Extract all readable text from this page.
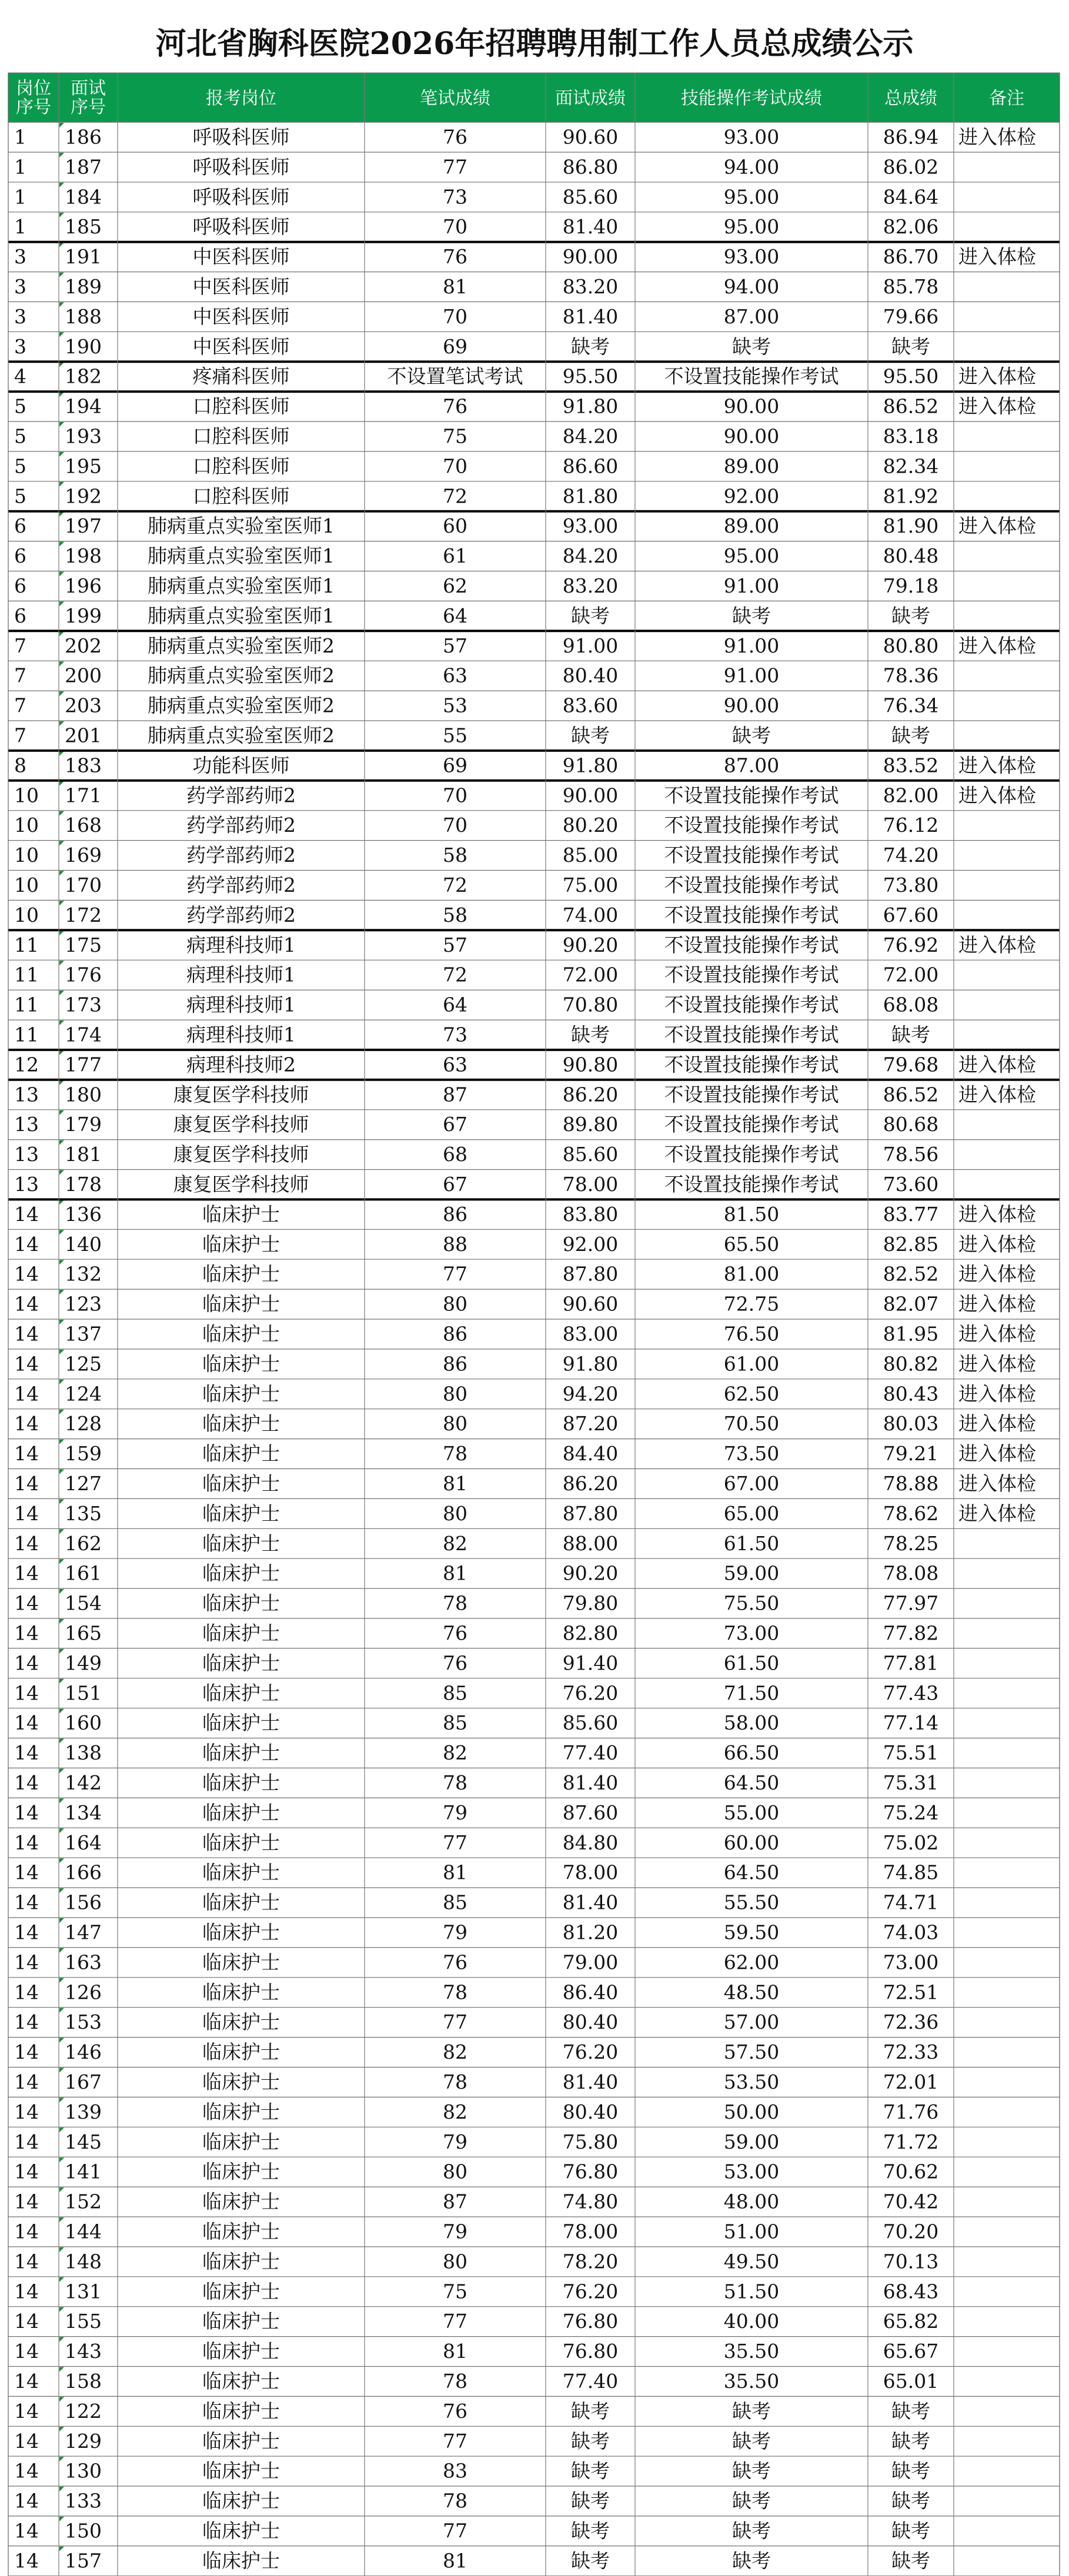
河北省胸科医院2026年招聘聘用制工作人员总成绩公示
岗位序号
面试序号	报考岗位	笔试成绩	面试成绩	技能操作考试成绩	总成绩	备注
1 186	呼吸科医师	76	90.60	93.00	86.94 进入体检
1 187	呼吸科医师	77	86.80	94.00	86.02
1 184	呼吸科医师	73	85.60	95.00	84.64
1 185	呼吸科医师	70	81.40	95.00	82.06
3 191	中医科医师	76	90.00	93.00	86.70 进入体检
3 189	中医科医师	81	83.20	94.00	85.78
3 188	中医科医师	70	81.40	87.00	79.66
3 190	中医科医师	69	缺考	缺考	缺考
4 182	疼痛科医师	不设置笔试考试 95.50 不设置技能操作考试 95.50 进入体检
5 194	口腔科医师	76	91.80	90.00	86.52 进入体检
5 193	口腔科医师	75	84.20	90.00	83.18
5 195	口腔科医师	70	86.60	89.00	82.34
5 192	口腔科医师	72	81.80	92.00	81.92
6 197 肺病重点实验室医师1	60	93.00	89.00	81.90 进入体检
6 198 肺病重点实验室医师1	61	84.20	95.00	80.48
6 196 肺病重点实验室医师1	62	83.20	91.00	79.18
6 199 肺病重点实验室医师1	64	缺考	缺考	缺考
7 202 肺病重点实验室医师2	57	91.00	91.00	80.80 进入体检
7 200 肺病重点实验室医师2	63	80.40	91.00	78.36
7 203 肺病重点实验室医师2	53	83.60	90.00	76.34
7 201 肺病重点实验室医师2	55	缺考	缺考	缺考
8 183	功能科医师	69	91.80	87.00	83.52 进入体检
10 171	药学部药师2	70	90.00 不设置技能操作考试 82.00 进入体检
10 168	药学部药师2	70	80.20 不设置技能操作考试 76.12
10 169	药学部药师2	58	85.00 不设置技能操作考试 74.20
10 170	药学部药师2	72	75.00 不设置技能操作考试 73.80
10 172	药学部药师2	58	74.00 不设置技能操作考试 67.60
11 175	病理科技师1	57	90.20 不设置技能操作考试 76.92 进入体检
11 176	病理科技师1	72	72.00 不设置技能操作考试 72.00
11 173	病理科技师1	64	70.80 不设置技能操作考试 68.08
11 174	病理科技师1	73	缺考	不设置技能操作考试	缺考
12 177	病理科技师2	63	90.80 不设置技能操作考试 79.68 进入体检
13 180	康复医学科技师	87	86.20 不设置技能操作考试 86.52 进入体检
13 179	康复医学科技师	67	89.80 不设置技能操作考试 80.68
13 181	康复医学科技师	68	85.60 不设置技能操作考试 78.56
13 178	康复医学科技师	67	78.00 不设置技能操作考试 73.60
14 136	临床护士	86	83.80	81.50	83.77 进入体检
14 140	临床护士	88	92.00	65.50	82.85 进入体检
14 132	临床护士	77	87.80	81.00	82.52 进入体检
14 123	临床护士	80	90.60	72.75	82.07 进入体检
14 137	临床护士	86	83.00	76.50	81.95 进入体检
14 125	临床护士	86	91.80	61.00	80.82 进入体检
14 124	临床护士	80	94.20	62.50	80.43 进入体检
14 128	临床护士	80	87.20	70.50	80.03 进入体检
14 159	临床护士	78	84.40	73.50	79.21 进入体检
14 127	临床护士	81	86.20	67.00	78.88 进入体检
14 135	临床护士	80	87.80	65.00	78.62 进入体检
14 162	临床护士	82	88.00	61.50	78.25
14 161	临床护士	81	90.20	59.00	78.08
14 154	临床护士	78	79.80	75.50	77.97
14 165	临床护士	76	82.80	73.00	77.82
14 149	临床护士	76	91.40	61.50	77.81
14 151	临床护士	85	76.20	71.50	77.43
14 160	临床护士	85	85.60	58.00	77.14
14 138	临床护士	82	77.40	66.50	75.51
14 142	临床护士	78	81.40	64.50	75.31
14 134	临床护士	79	87.60	55.00	75.24
14 164	临床护士	77	84.80	60.00	75.02
14 166	临床护士	81	78.00	64.50	74.85
14 156	临床护士	85	81.40	55.50	74.71
14 147	临床护士	79	81.20	59.50	74.03
14 163	临床护士	76	79.00	62.00	73.00
14 126	临床护士	78	86.40	48.50	72.51
14 153	临床护士	77	80.40	57.00	72.36
14 146	临床护士	82	76.20	57.50	72.33
14 167	临床护士	78	81.40	53.50	72.01
14 139	临床护士	82	80.40	50.00	71.76
14 145	临床护士	79	75.80	59.00	71.72
14 141	临床护士	80	76.80	53.00	70.62
14 152	临床护士	87	74.80	48.00	70.42
14 144	临床护士	79	78.00	51.00	70.20
14 148	临床护士	80	78.20	49.50	70.13
14 131	临床护士	75	76.20	51.50	68.43
14 155	临床护士	77	76.80	40.00	65.82
14 143	临床护士	81	76.80	35.50	65.67
14 158	临床护士	78	77.40	35.50	65.01
14 122	临床护士	76	缺考	缺考	缺考
14 129	临床护士	77	缺考	缺考	缺考
14 130	临床护士	83	缺考	缺考	缺考
14 133	临床护士	78	缺考	缺考	缺考
14 150	临床护士	77	缺考	缺考	缺考
14 157	临床护士	81	缺考	缺考	缺考
